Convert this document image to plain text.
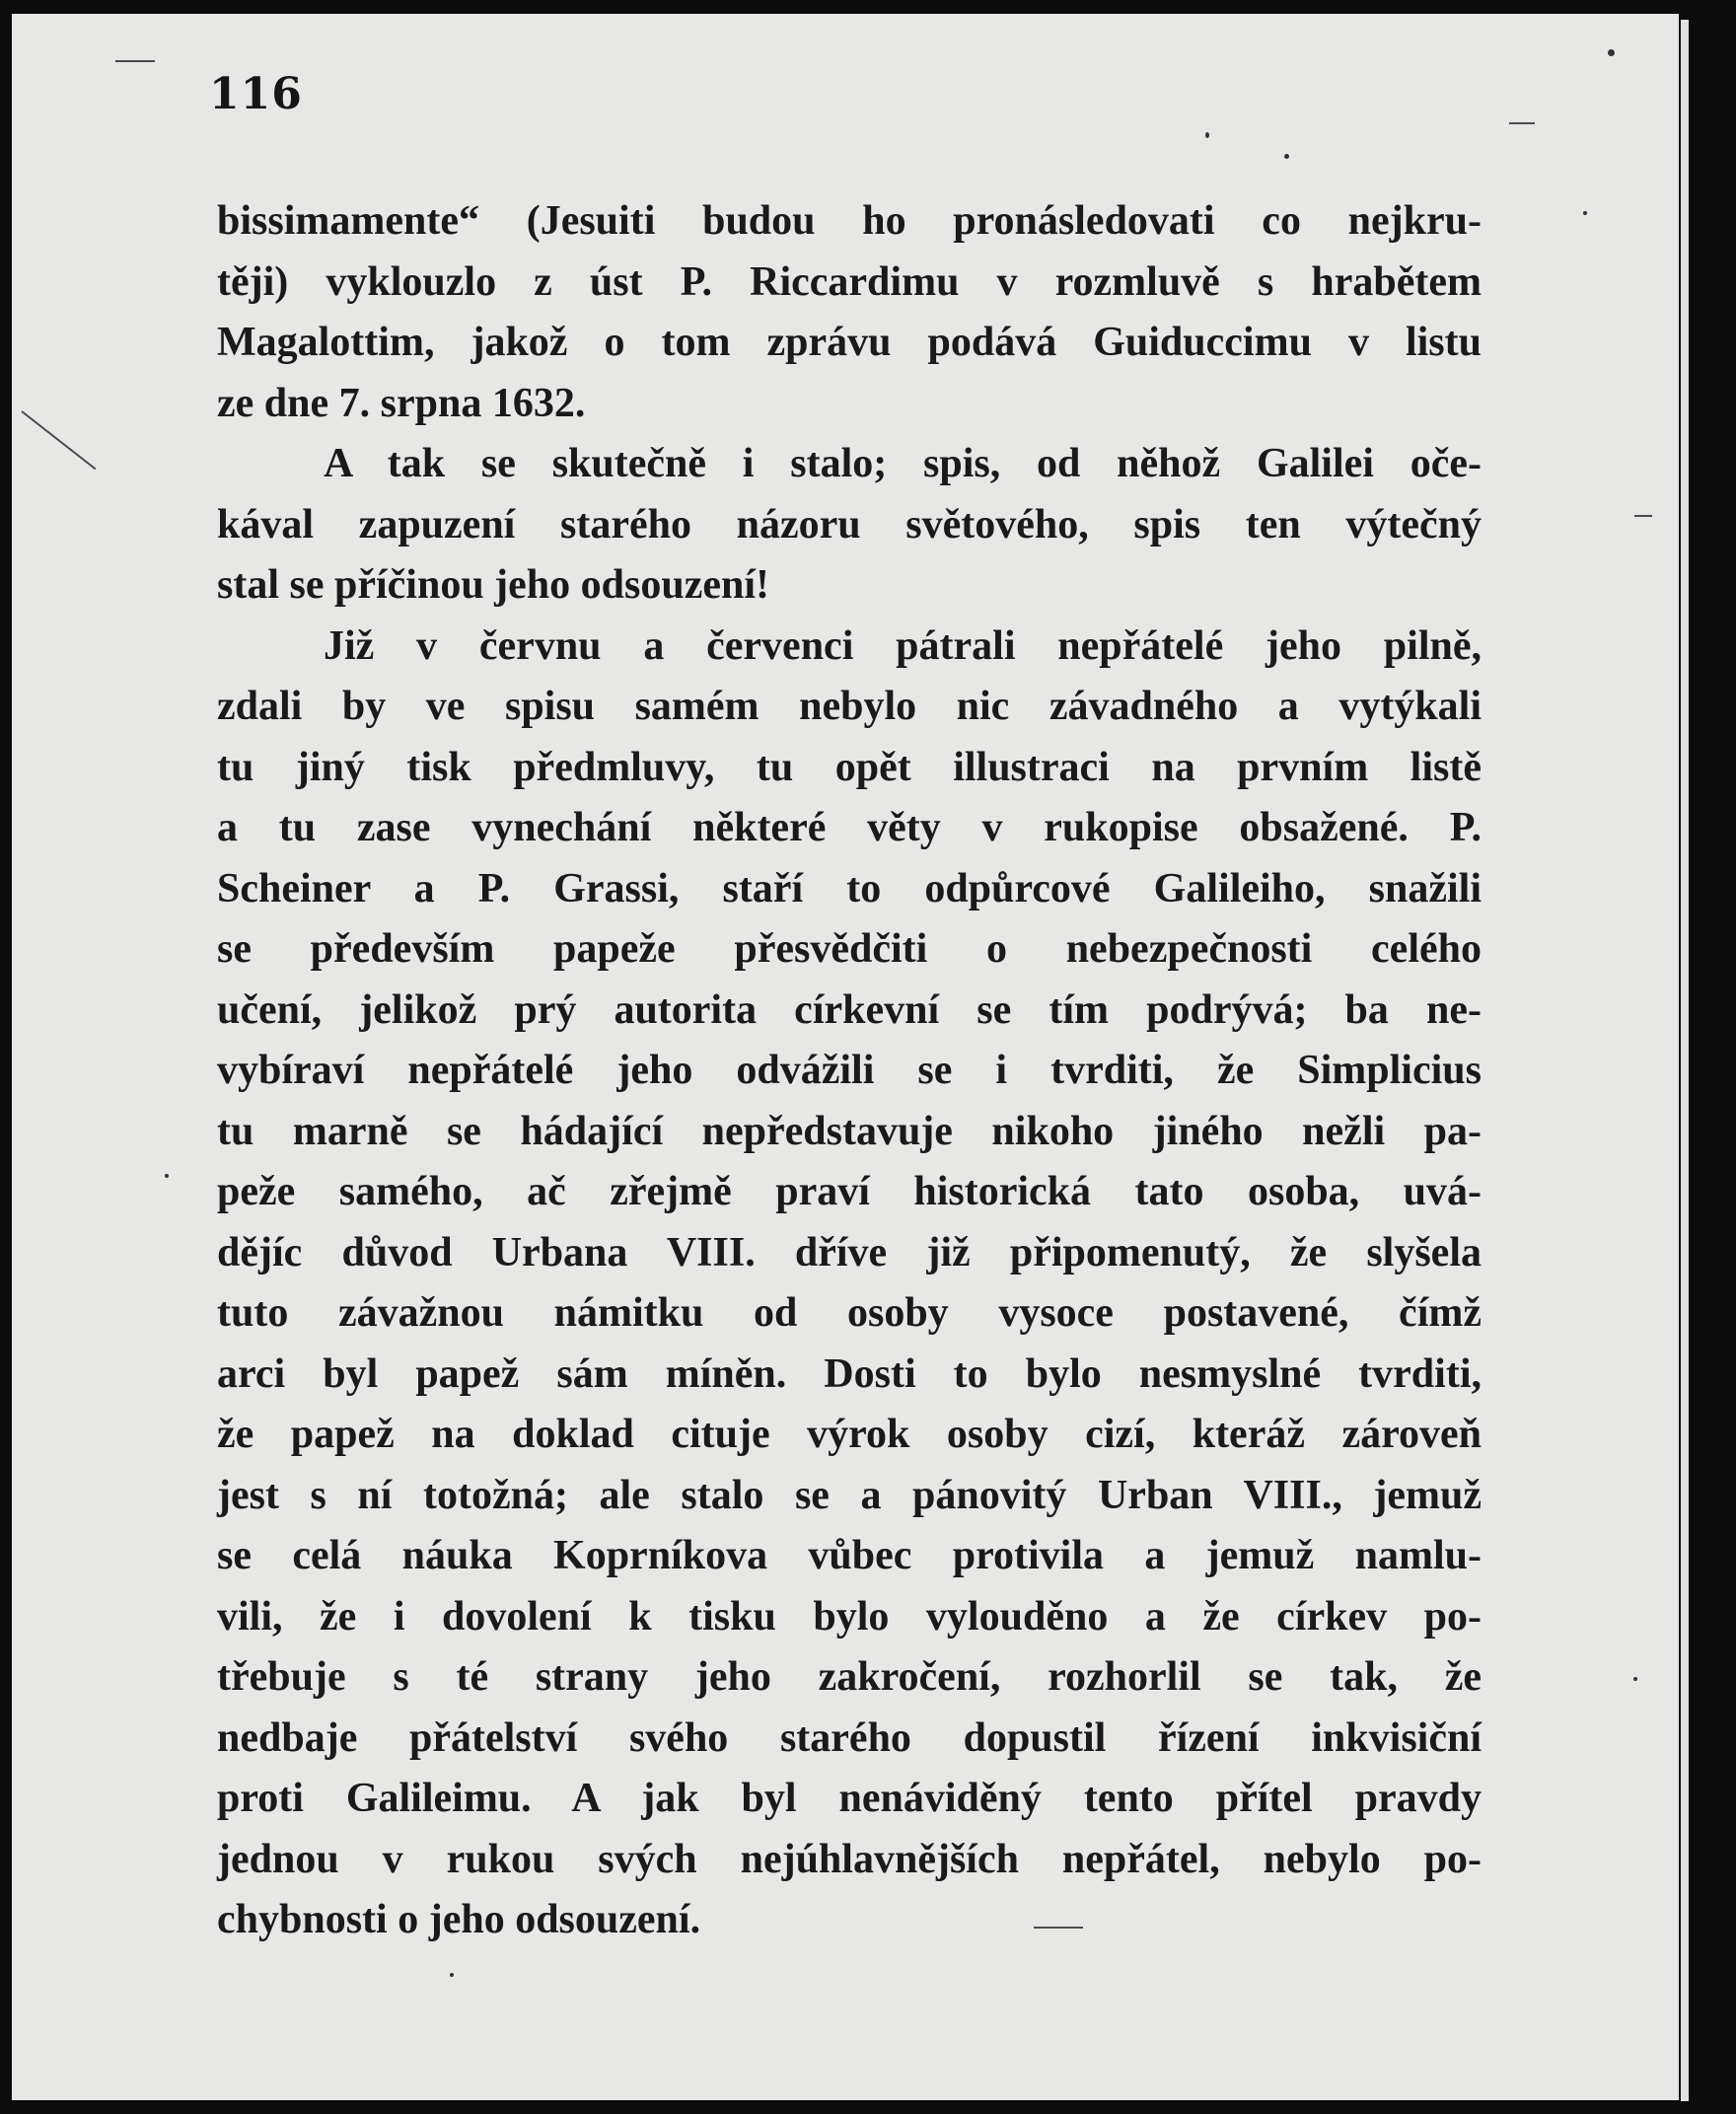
116

bissimamente“ (Jesuiti budou ho pronásledovati co nejkru-

těji) vyklouzlo z úst P. Riccardimu v rozmluvě s hrabětem

Magalottim, jakož o tom zprávu podává Guiduccimu v listu

ze dne 7. srpna 1632.

A tak se skutečně i stalo; spis, od něhož Galilei oče-

kával zapuzení starého názoru světového, spis ten výtečný

stal se příčinou jeho odsouzení!

Již v červnu a červenci pátrali nepřátelé jeho pilně,

zdali by ve spisu samém nebylo nic závadného a vytýkali

tu jiný tisk předmluvy, tu opět illustraci na prvním listě

a tu zase vynechání některé věty v rukopise obsažené. P.

Scheiner a P. Grassi, staří to odpůrcové Galileiho, snažili

se především papeže přesvědčiti o nebezpečnosti celého

učení, jelikož prý autorita církevní se tím podrývá; ba ne-

vybíraví nepřátelé jeho odvážili se i tvrditi, že Simplicius

tu marně se hádající nepředstavuje nikoho jiného nežli pa-

peže samého, ač zřejmě praví historická tato osoba, uvá-

dějíc důvod Urbana VIII. dříve již připomenutý, že slyšela

tuto závažnou námitku od osoby vysoce postavené, čímž

arci byl papež sám míněn. Dosti to bylo nesmyslné tvrditi,

že papež na doklad cituje výrok osoby cizí, kteráž zároveň

jest s ní totožná; ale stalo se a pánovitý Urban VIII., jemuž

se celá náuka Koprníkova vůbec protivila a jemuž namlu-

vili, že i dovolení k tisku bylo vylouděno a že církev po-

třebuje s té strany jeho zakročení, rozhorlil se tak, že

nedbaje přátelství svého starého dopustil řízení inkvisiční

proti Galileimu. A jak byl nenáviděný tento přítel pravdy

jednou v rukou svých nejúhlavnějších nepřátel, nebylo po-

chybnosti o jeho odsouzení.
